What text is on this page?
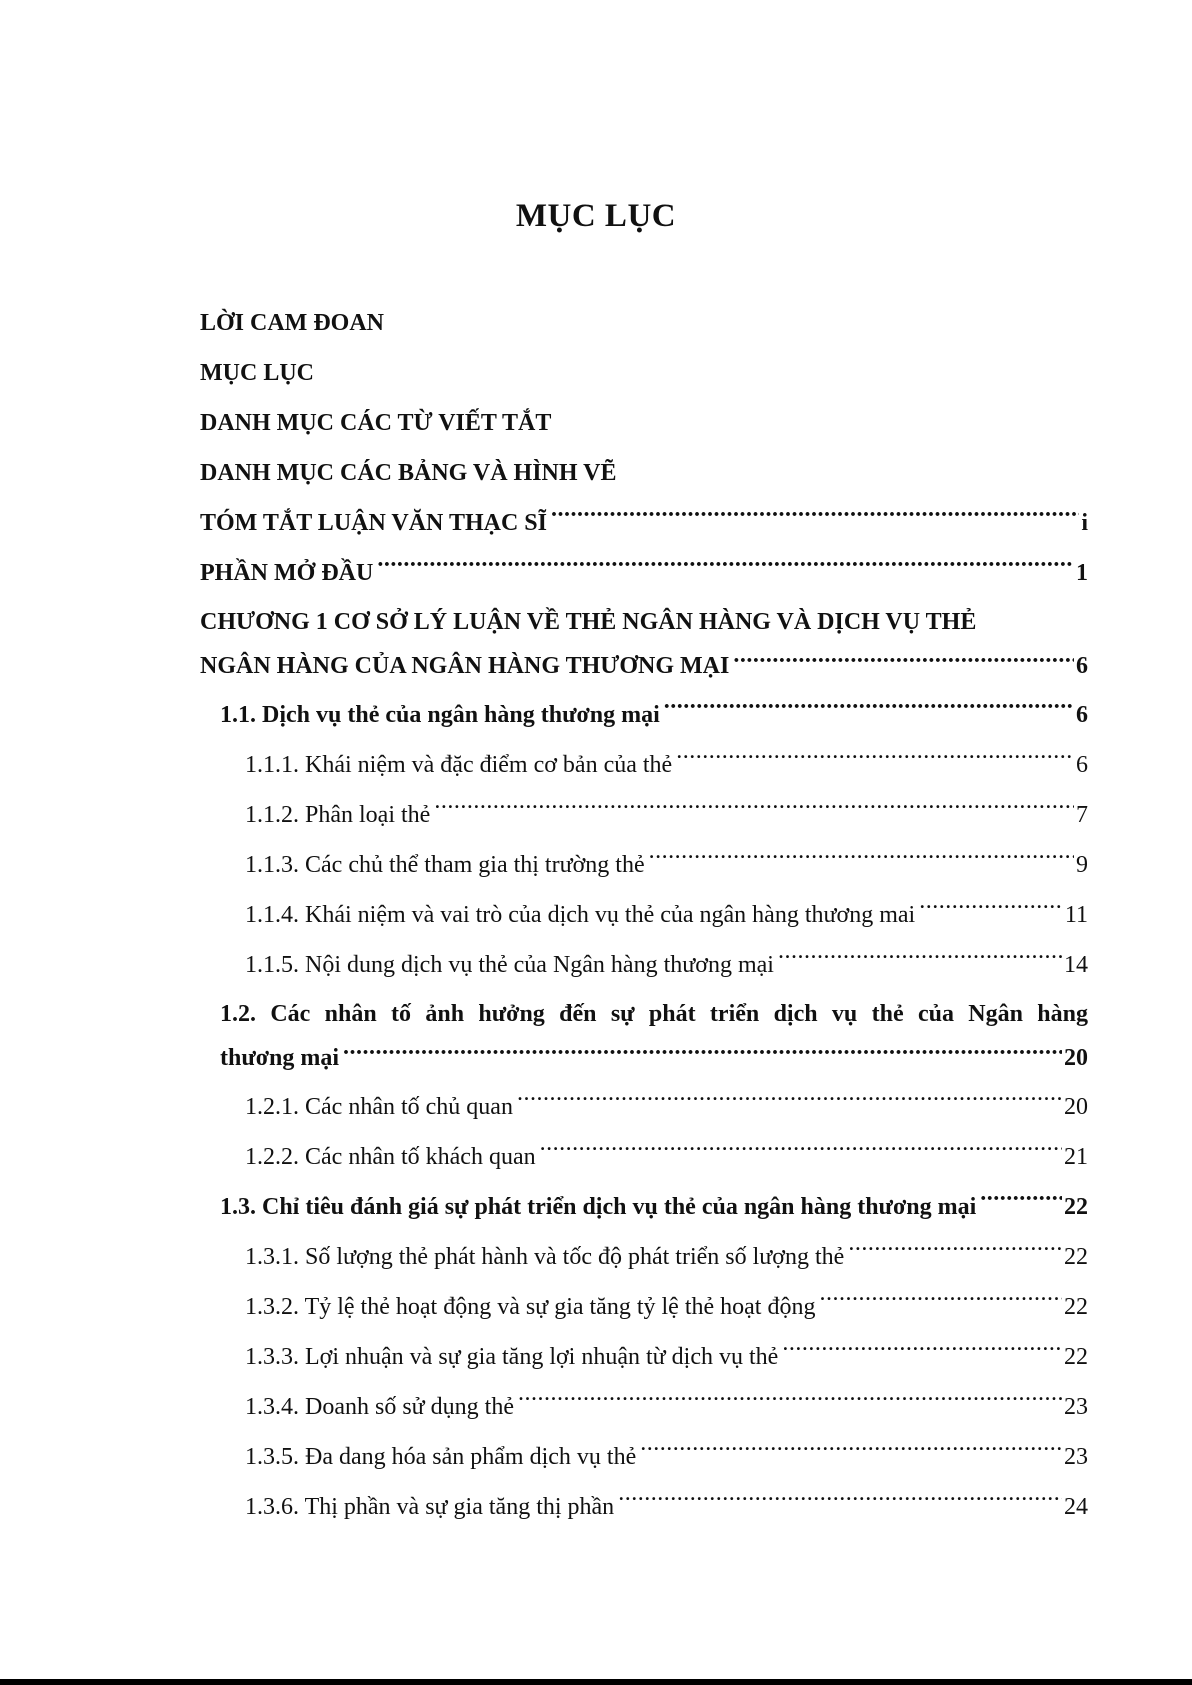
MỤC LỤC
LỜI CAM ĐOAN
MỤC LỤC
DANH MỤC CÁC TỪ VIẾT TẮT
DANH MỤC CÁC BẢNG VÀ HÌNH VẼ
TÓM TẮT LUẬN VĂN THẠC SĨ .....	i
PHẦN MỞ ĐẦU .....	1
CHƯƠNG 1 CƠ SỞ LÝ LUẬN VỀ THẺ NGÂN HÀNG VÀ DỊCH VỤ THẺ
NGÂN HÀNG CỦA NGÂN HÀNG THƯƠNG MẠI .....	6
1.1. Dịch vụ thẻ của ngân hàng thương mại .....	6
1.1.1. Khái niệm và đặc điểm cơ bản của thẻ .....	6
1.1.2. Phân loại thẻ .....	7
1.1.3. Các chủ thể tham gia thị trường thẻ .....	9
1.1.4. Khái niệm và vai trò của dịch vụ thẻ của ngân hàng thương mai .....	11
1.1.5. Nội dung dịch vụ thẻ của Ngân hàng thương mại .....	14
1.2. Các nhân tố ảnh hưởng đến sự phát triển dịch vụ thẻ của Ngân hàng
thương mại .....	20
1.2.1. Các nhân tố chủ quan .....	20
1.2.2. Các nhân tố khách quan .....	21
1.3. Chỉ tiêu đánh giá sự phát triển dịch vụ thẻ của ngân hàng thương mại .....	22
1.3.1. Số lượng thẻ phát hành và tốc độ phát triển số lượng thẻ .....	22
1.3.2. Tỷ lệ thẻ hoạt động và sự gia tăng tỷ lệ thẻ hoạt động .....	22
1.3.3. Lợi nhuận và sự gia tăng lợi nhuận từ dịch vụ thẻ .....	22
1.3.4. Doanh số sử dụng thẻ .....	23
1.3.5. Đa dang hóa sản phẩm dịch vụ thẻ .....	23
1.3.6. Thị phần và sự gia tăng thị phần .....	24
